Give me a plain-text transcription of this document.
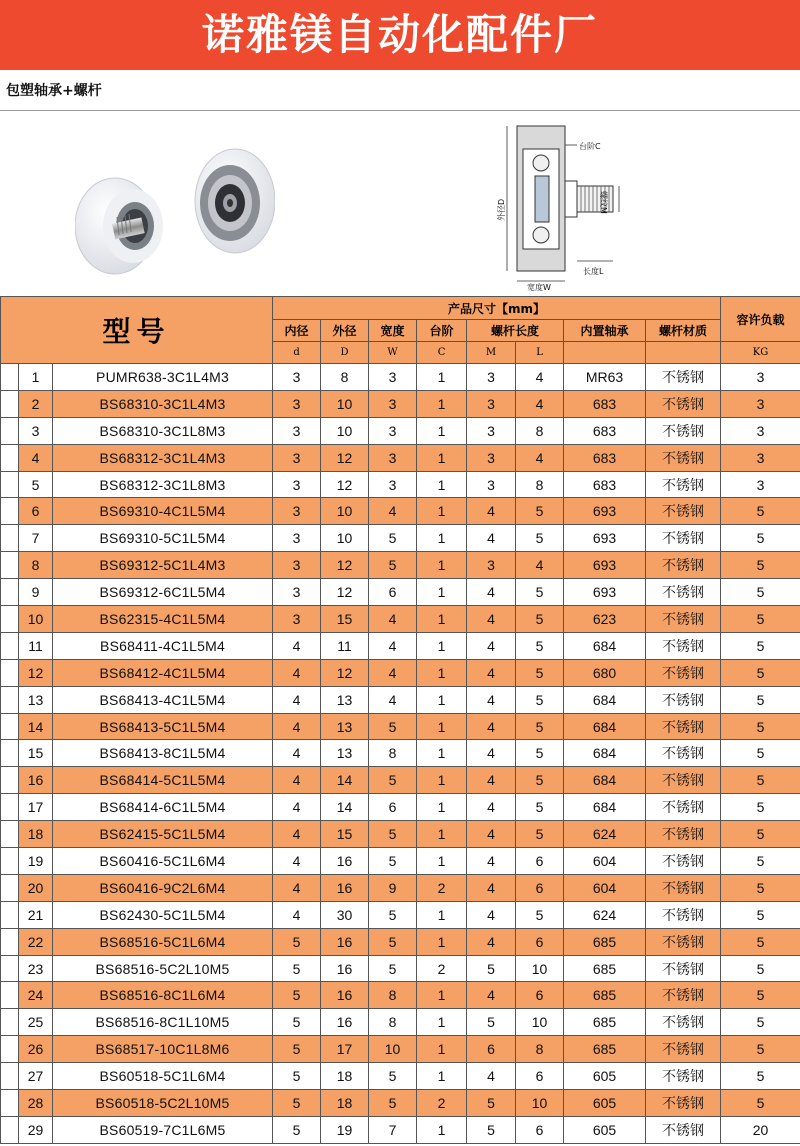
诺雅镁自动化配件厂
包塑轴承+螺杆
台阶C
外径D	螺纹M
长度L
宽度W
型号			产品尺寸【mm】								容许负载
			内径	外径	宽度	台阶	螺杆长度		内置轴承	螺杆材质	
			d	D	W	C	M	L			KG
	1	PUMR638-3C1L4M3	3	8	3	1	3	4	MR63	不锈钢	3
	2	BS68310-3C1L4M3	3	10	3	1	3	4	683	不锈钢	3
	3	BS68310-3C1L8M3	3	10	3	1	3	8	683	不锈钢	3
	4	BS68312-3C1L4M3	3	12	3	1	3	4	683	不锈钢	3
	5	BS68312-3C1L8M3	3	12	3	1	3	8	683	不锈钢	3
	6	BS69310-4C1L5M4	3	10	4	1	4	5	693	不锈钢	5
	7	BS69310-5C1L5M4	3	10	5	1	4	5	693	不锈钢	5
	8	BS69312-5C1L4M3	3	12	5	1	3	4	693	不锈钢	5
	9	BS69312-6C1L5M4	3	12	6	1	4	5	693	不锈钢	5
	10	BS62315-4C1L5M4	3	15	4	1	4	5	623	不锈钢	5
	11	BS68411-4C1L5M4	4	11	4	1	4	5	684	不锈钢	5
	12	BS68412-4C1L5M4	4	12	4	1	4	5	680	不锈钢	5
	13	BS68413-4C1L5M4	4	13	4	1	4	5	684	不锈钢	5
	14	BS68413-5C1L5M4	4	13	5	1	4	5	684	不锈钢	5
	15	BS68413-8C1L5M4	4	13	8	1	4	5	684	不锈钢	5
	16	BS68414-5C1L5M4	4	14	5	1	4	5	684	不锈钢	5
	17	BS68414-6C1L5M4	4	14	6	1	4	5	684	不锈钢	5
	18	BS62415-5C1L5M4	4	15	5	1	4	5	624	不锈钢	5
	19	BS60416-5C1L6M4	4	16	5	1	4	6	604	不锈钢	5
	20	BS60416-9C2L6M4	4	16	9	2	4	6	604	不锈钢	5
	21	BS62430-5C1L5M4	4	30	5	1	4	5	624	不锈钢	5
	22	BS68516-5C1L6M4	5	16	5	1	4	6	685	不锈钢	5
	23	BS68516-5C2L10M5	5	16	5	2	5	10	685	不锈钢	5
	24	BS68516-8C1L6M4	5	16	8	1	4	6	685	不锈钢	5
	25	BS68516-8C1L10M5	5	16	8	1	5	10	685	不锈钢	5
	26	BS68517-10C1L8M6	5	17	10	1	6	8	685	不锈钢	5
	27	BS60518-5C1L6M4	5	18	5	1	4	6	605	不锈钢	5
	28	BS60518-5C2L10M5	5	18	5	2	5	10	605	不锈钢	5
	29	BS60519-7C1L6M5	5	19	7	1	5	6	605	不锈钢	20
